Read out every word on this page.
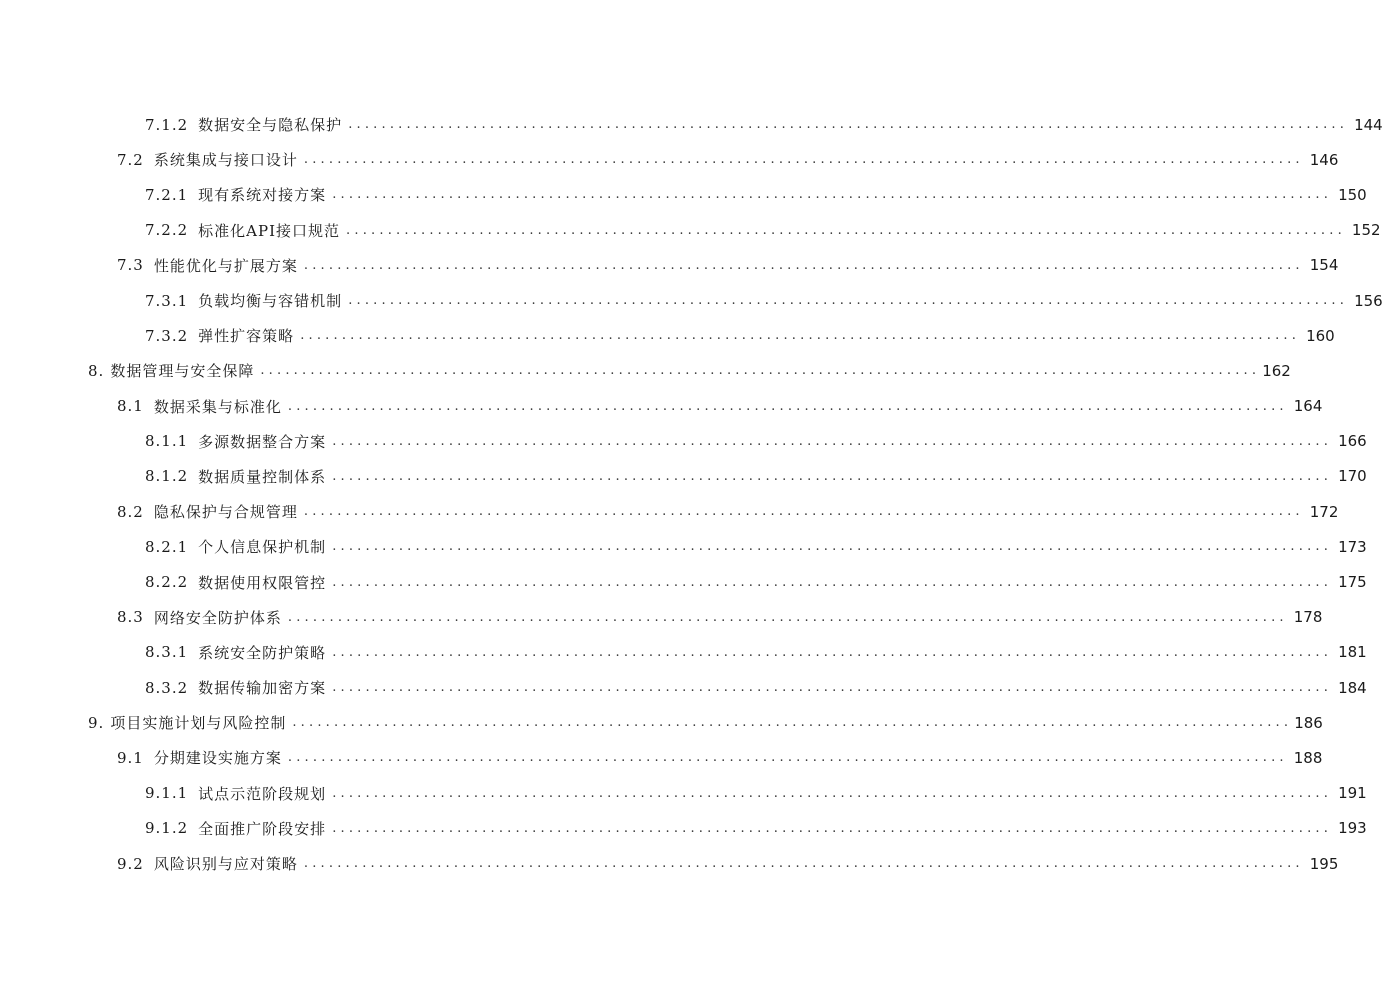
7.1.2 数据安全与隐私保护 ........................................................................................................................ 144
7.2 系统集成与接口设计 ........................................................................................................................ 146
7.2.1 现有系统对接方案 ........................................................................................................................ 150
7.2.2 标准化API接口规范 ........................................................................................................................ 152
7.3 性能优化与扩展方案 ........................................................................................................................ 154
7.3.1 负载均衡与容错机制 ........................................................................................................................ 156
7.3.2 弹性扩容策略 ........................................................................................................................ 160
8. 数据管理与安全保障 ........................................................................................................................ 162
8.1 数据采集与标准化 ........................................................................................................................ 164
8.1.1 多源数据整合方案 ........................................................................................................................ 166
8.1.2 数据质量控制体系 ........................................................................................................................ 170
8.2 隐私保护与合规管理 ........................................................................................................................ 172
8.2.1 个人信息保护机制 ........................................................................................................................ 173
8.2.2 数据使用权限管控 ........................................................................................................................ 175
8.3 网络安全防护体系 ........................................................................................................................ 178
8.3.1 系统安全防护策略 ........................................................................................................................ 181
8.3.2 数据传输加密方案 ........................................................................................................................ 184
9. 项目实施计划与风险控制 ........................................................................................................................ 186
9.1 分期建设实施方案 ........................................................................................................................ 188
9.1.1 试点示范阶段规划 ........................................................................................................................ 191
9.1.2 全面推广阶段安排 ........................................................................................................................ 193
9.2 风险识别与应对策略 ........................................................................................................................ 195
